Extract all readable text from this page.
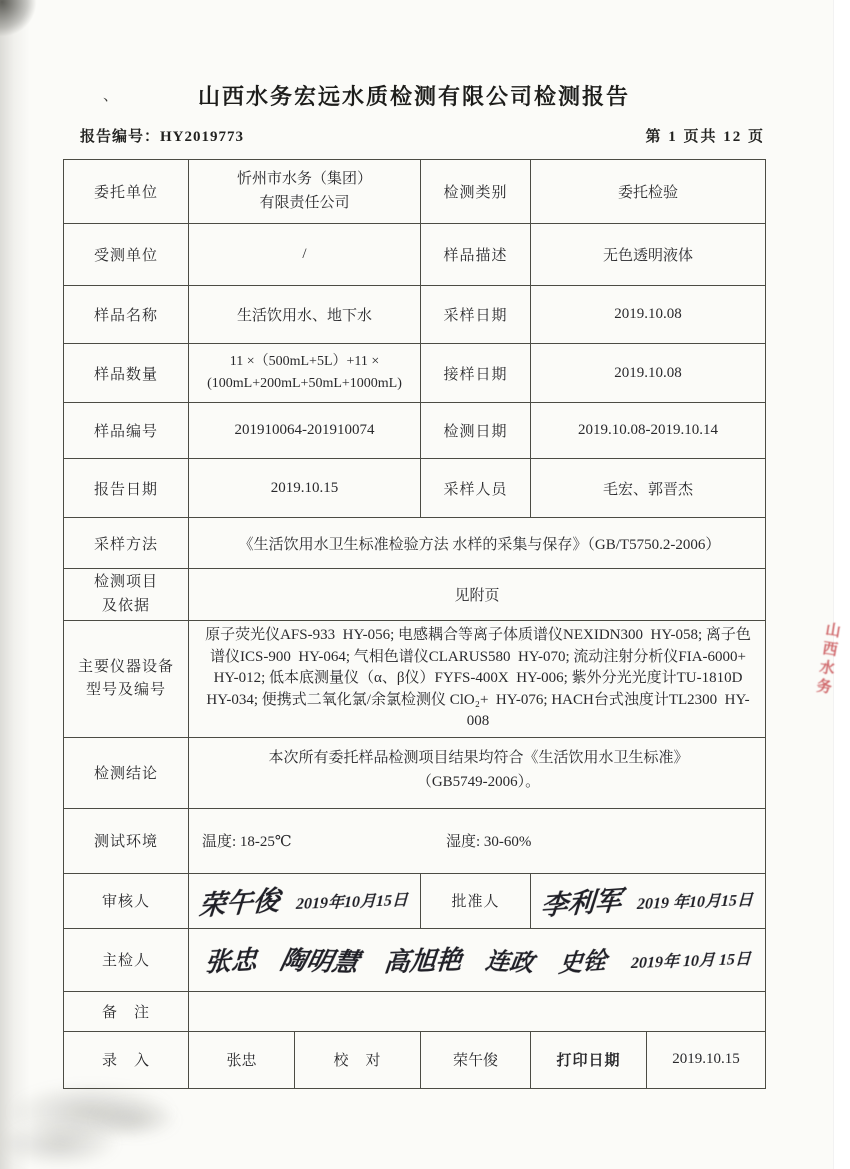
、	山西水务宏远水质检测有限公司检测报告
报告编号：HY2019773	第 1 页共 12 页
委托单位	忻州市水务（集团）
有限责任公司		检测类别	委托检验	
受测单位	/		样品描述	无色透明液体	
样品名称	生活饮用水、地下水		采样日期	2019.10.08	
样品数量	11 ×（500mL+5L）+11 ×
(100mL+200mL+50mL+1000mL)		接样日期	2019.10.08	
样品编号	201910064-201910074		检测日期	2019.10.08-2019.10.14	
报告日期	2019.10.15		采样人员	毛宏、郭晋杰	
采样方法	《生活饮用水卫生标准检验方法 水样的采集与保存》（GB/T5750.2-2006）				

检测项目
及依据	见附页				

主要仪器设备
型号及编号	原子荧光仪AFS-933  HY-056; 电感耦合等离子体质谱仪NEXIDN300  HY-058; 离子色谱仪ICS-900  HY-064; 气相色谱仪CLARUS580  HY-070; 流动注射分析仪FIA-6000+  HY-012; 低本底测量仪（α、β仪）FYFS-400X  HY-006; 紫外分光光度计TU-1810D  HY-034; 便携式二氧化氯/余氯检测仪 ClO₂+  HY-076; HACH台式浊度计TL2300  HY-008				
检测结论	本次所有委托样品检测项目结果均符合《生活饮用水卫生标准》
（GB5749-2006）。				

测试环境	温度: 18-25℃ 湿度: 30-60%				

审核人	荣午俊 2019年10月15日		批准人	李利军 2019 年10月15日	

主检人	张忠 陶明慧 高旭艳 连政 史铨 2019年 10月 15日

备　注					
录　入	张忠	校　对	荣午俊	打印日期	2019.10.15
山西水务
